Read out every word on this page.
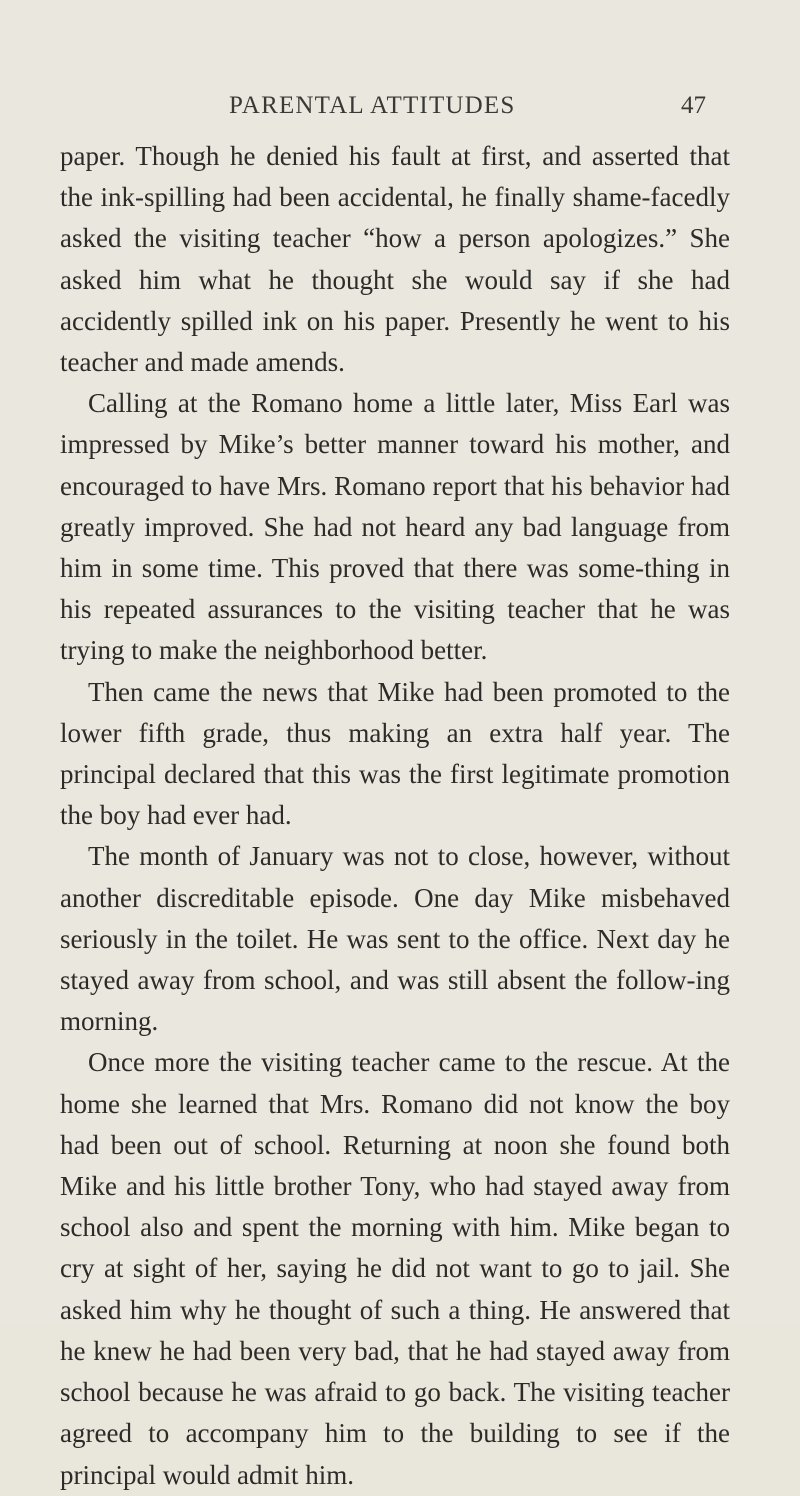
PARENTAL ATTITUDES	47

paper. Though he denied his fault at first, and asserted that the ink-spilling had been accidental, he finally shame-facedly asked the visiting teacher “how a person apologizes.” She asked him what he thought she would say if she had accidently spilled ink on his paper. Presently he went to his teacher and made amends.

Calling at the Romano home a little later, Miss Earl was impressed by Mike’s better manner toward his mother, and encouraged to have Mrs. Romano report that his behavior had greatly improved. She had not heard any bad language from him in some time. This proved that there was some-thing in his repeated assurances to the visiting teacher that he was trying to make the neighborhood better.

Then came the news that Mike had been promoted to the lower fifth grade, thus making an extra half year. The principal declared that this was the first legitimate promotion the boy had ever had.

The month of January was not to close, however, without another discreditable episode. One day Mike misbehaved seriously in the toilet. He was sent to the office. Next day he stayed away from school, and was still absent the follow-ing morning.

Once more the visiting teacher came to the rescue. At the home she learned that Mrs. Romano did not know the boy had been out of school. Returning at noon she found both Mike and his little brother Tony, who had stayed away from school also and spent the morning with him. Mike began to cry at sight of her, saying he did not want to go to jail. She asked him why he thought of such a thing. He answered that he knew he had been very bad, that he had stayed away from school because he was afraid to go back. The visiting teacher agreed to accompany him to the building to see if the principal would admit him.
